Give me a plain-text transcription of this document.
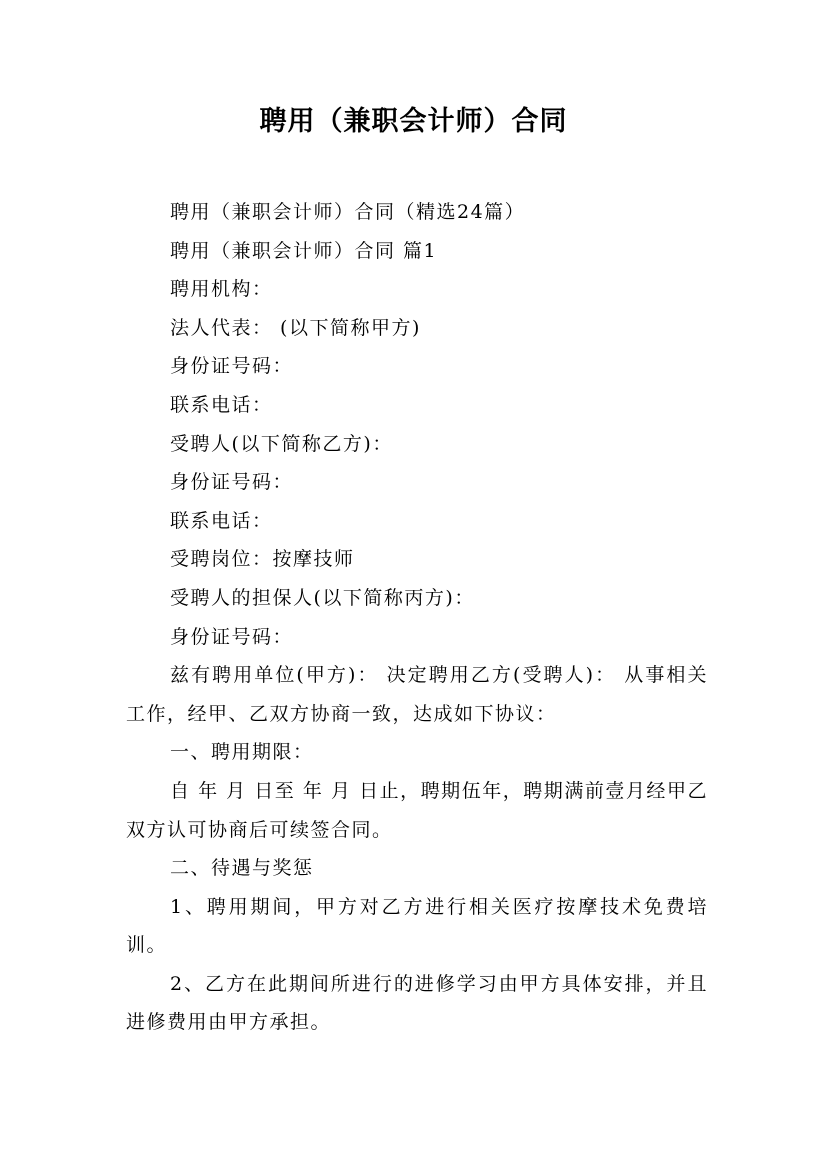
聘用（兼职会计师）合同

聘用（兼职会计师）合同（精选24篇）

聘用（兼职会计师）合同 篇1

聘用机构：

法人代表： (以下简称甲方)

身份证号码：

联系电话：

受聘人(以下简称乙方)：

身份证号码：

联系电话：

受聘岗位：按摩技师

受聘人的担保人(以下简称丙方)：

身份证号码：

兹有聘用单位(甲方)： 决定聘用乙方(受聘人)： 从事相关工作，经甲、乙双方协商一致，达成如下协议：

一、聘用期限：

自 年 月 日至 年 月 日止，聘期伍年，聘期满前壹月经甲乙双方认可协商后可续签合同。

二、待遇与奖惩

1、聘用期间，甲方对乙方进行相关医疗按摩技术免费培训。

2、乙方在此期间所进行的进修学习由甲方具体安排，并且进修费用由甲方承担。
